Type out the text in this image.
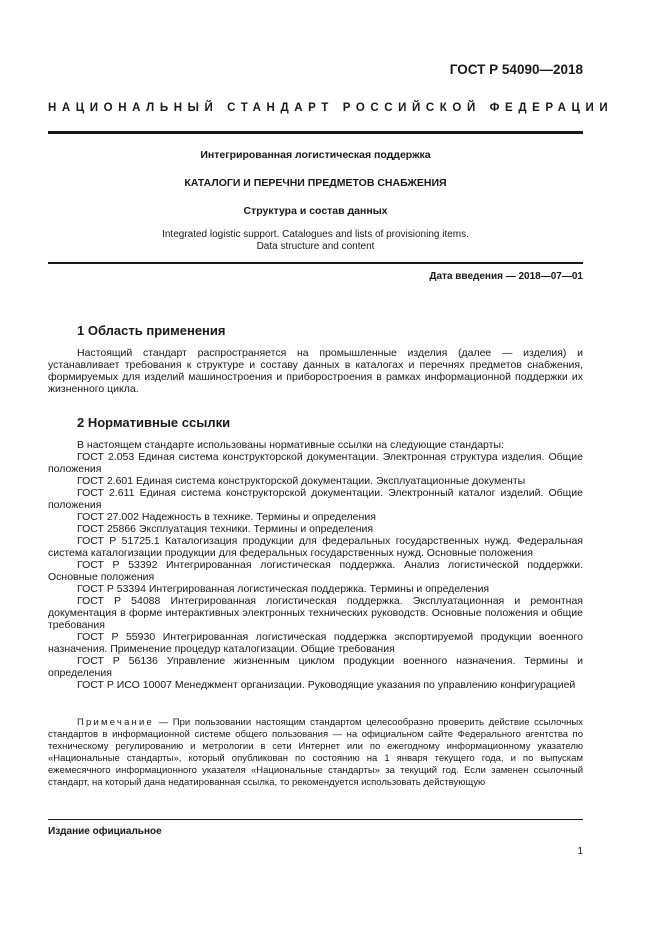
ГОСТ Р 54090—2018
НАЦИОНАЛЬНЫЙ СТАНДАРТ РОССИЙСКОЙ ФЕДЕРАЦИИ
Интегрированная логистическая поддержка
КАТАЛОГИ И ПЕРЕЧНИ ПРЕДМЕТОВ СНАБЖЕНИЯ
Структура и состав данных
Integrated logistic support. Catalogues and lists of provisioning items.
Data structure and content
Дата введения — 2018—07—01
1 Область применения

Настоящий стандарт распространяется на промышленные изделия (далее — изделия) и устанавливает требования к структуре и составу данных в каталогах и перечнях предметов снабжения, формируемых для изделий машиностроения и приборостроения в рамках информационной поддержки их жизненного цикла.

2 Нормативные ссылки

В настоящем стандарте использованы нормативные ссылки на следующие стандарты:

ГОСТ 2.053 Единая система конструкторской документации. Электронная структура изделия. Общие положения

ГОСТ 2.601 Единая система конструкторской документации. Эксплуатационные документы

ГОСТ 2.611 Единая система конструкторской документации. Электронный каталог изделий. Общие положения

ГОСТ 27.002 Надежность в технике. Термины и определения

ГОСТ 25866 Эксплуатация техники. Термины и определения

ГОСТ Р 51725.1 Каталогизация продукции для федеральных государственных нужд. Федеральная система каталогизации продукции для федеральных государственных нужд. Основные положения

ГОСТ Р 53392 Интегрированная логистическая поддержка. Анализ логистической поддержки. Основные положения

ГОСТ Р 53394 Интегрированная логистическая поддержка. Термины и определения

ГОСТ Р 54088 Интегрированная логистическая поддержка. Эксплуатационная и ремонтная документация в форме интерактивных электронных технических руководств. Основные положения и общие требования

ГОСТ Р 55930 Интегрированная логистическая поддержка экспортируемой продукции военного назначения. Применение процедур каталогизации. Общие требования

ГОСТ Р 56136 Управление жизненным циклом продукции военного назначения. Термины и определения

ГОСТ Р ИСО 10007 Менеджмент организации. Руководящие указания по управлению конфигурацией

Примечание — При пользовании настоящим стандартом целесообразно проверить действие ссылочных стандартов в информационной системе общего пользования — на официальном сайте Федерального агентства по техническому регулированию и метрологии в сети Интернет или по ежегодному информационному указателю «Национальные стандарты», который опубликован по состоянию на 1 января текущего года, и по выпускам ежемесячного информационного указателя «Национальные стандарты» за текущий год. Если заменен ссылочный стандарт, на который дана недатированная ссылка, то рекомендуется использовать действующую

Издание официальное
1
